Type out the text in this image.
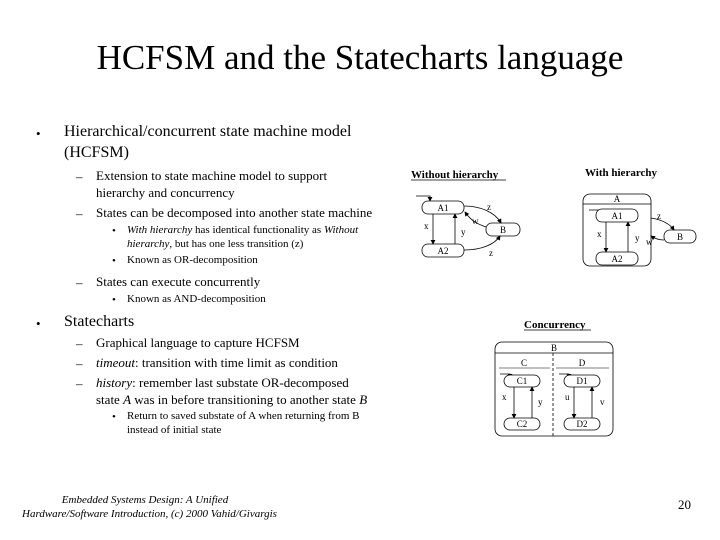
HCFSM and the Statecharts language
• Hierarchical/concurrent state machine model
(HCFSM)
– Extension to state machine model to support
hierarchy and concurrency
– States can be decomposed into another state machine
• With hierarchy has identical functionality as Without
hierarchy, but has one less transition (z)
• Known as OR-decomposition
– States can execute concurrently
• Known as AND-decomposition
• Statecharts
– Graphical language to capture HCFSM
– timeout: transition with time limit as condition
– history: remember last substate OR-decomposed
state A was in before transitioning to another state B
• Return to saved substate of A when returning from B
instead of initial state
Embedded Systems Design: A Unified
Hardware/Software Introduction, (c) 2000 Vahid/Givargis
20
Without hierarchy
A1
A2
x
y	B
z
z
w
With hierarchy
A
A1
A2
x	y	B
z
w
Concurrency
B
C	D
C1
C2
x	y
D1
D2
u	v
